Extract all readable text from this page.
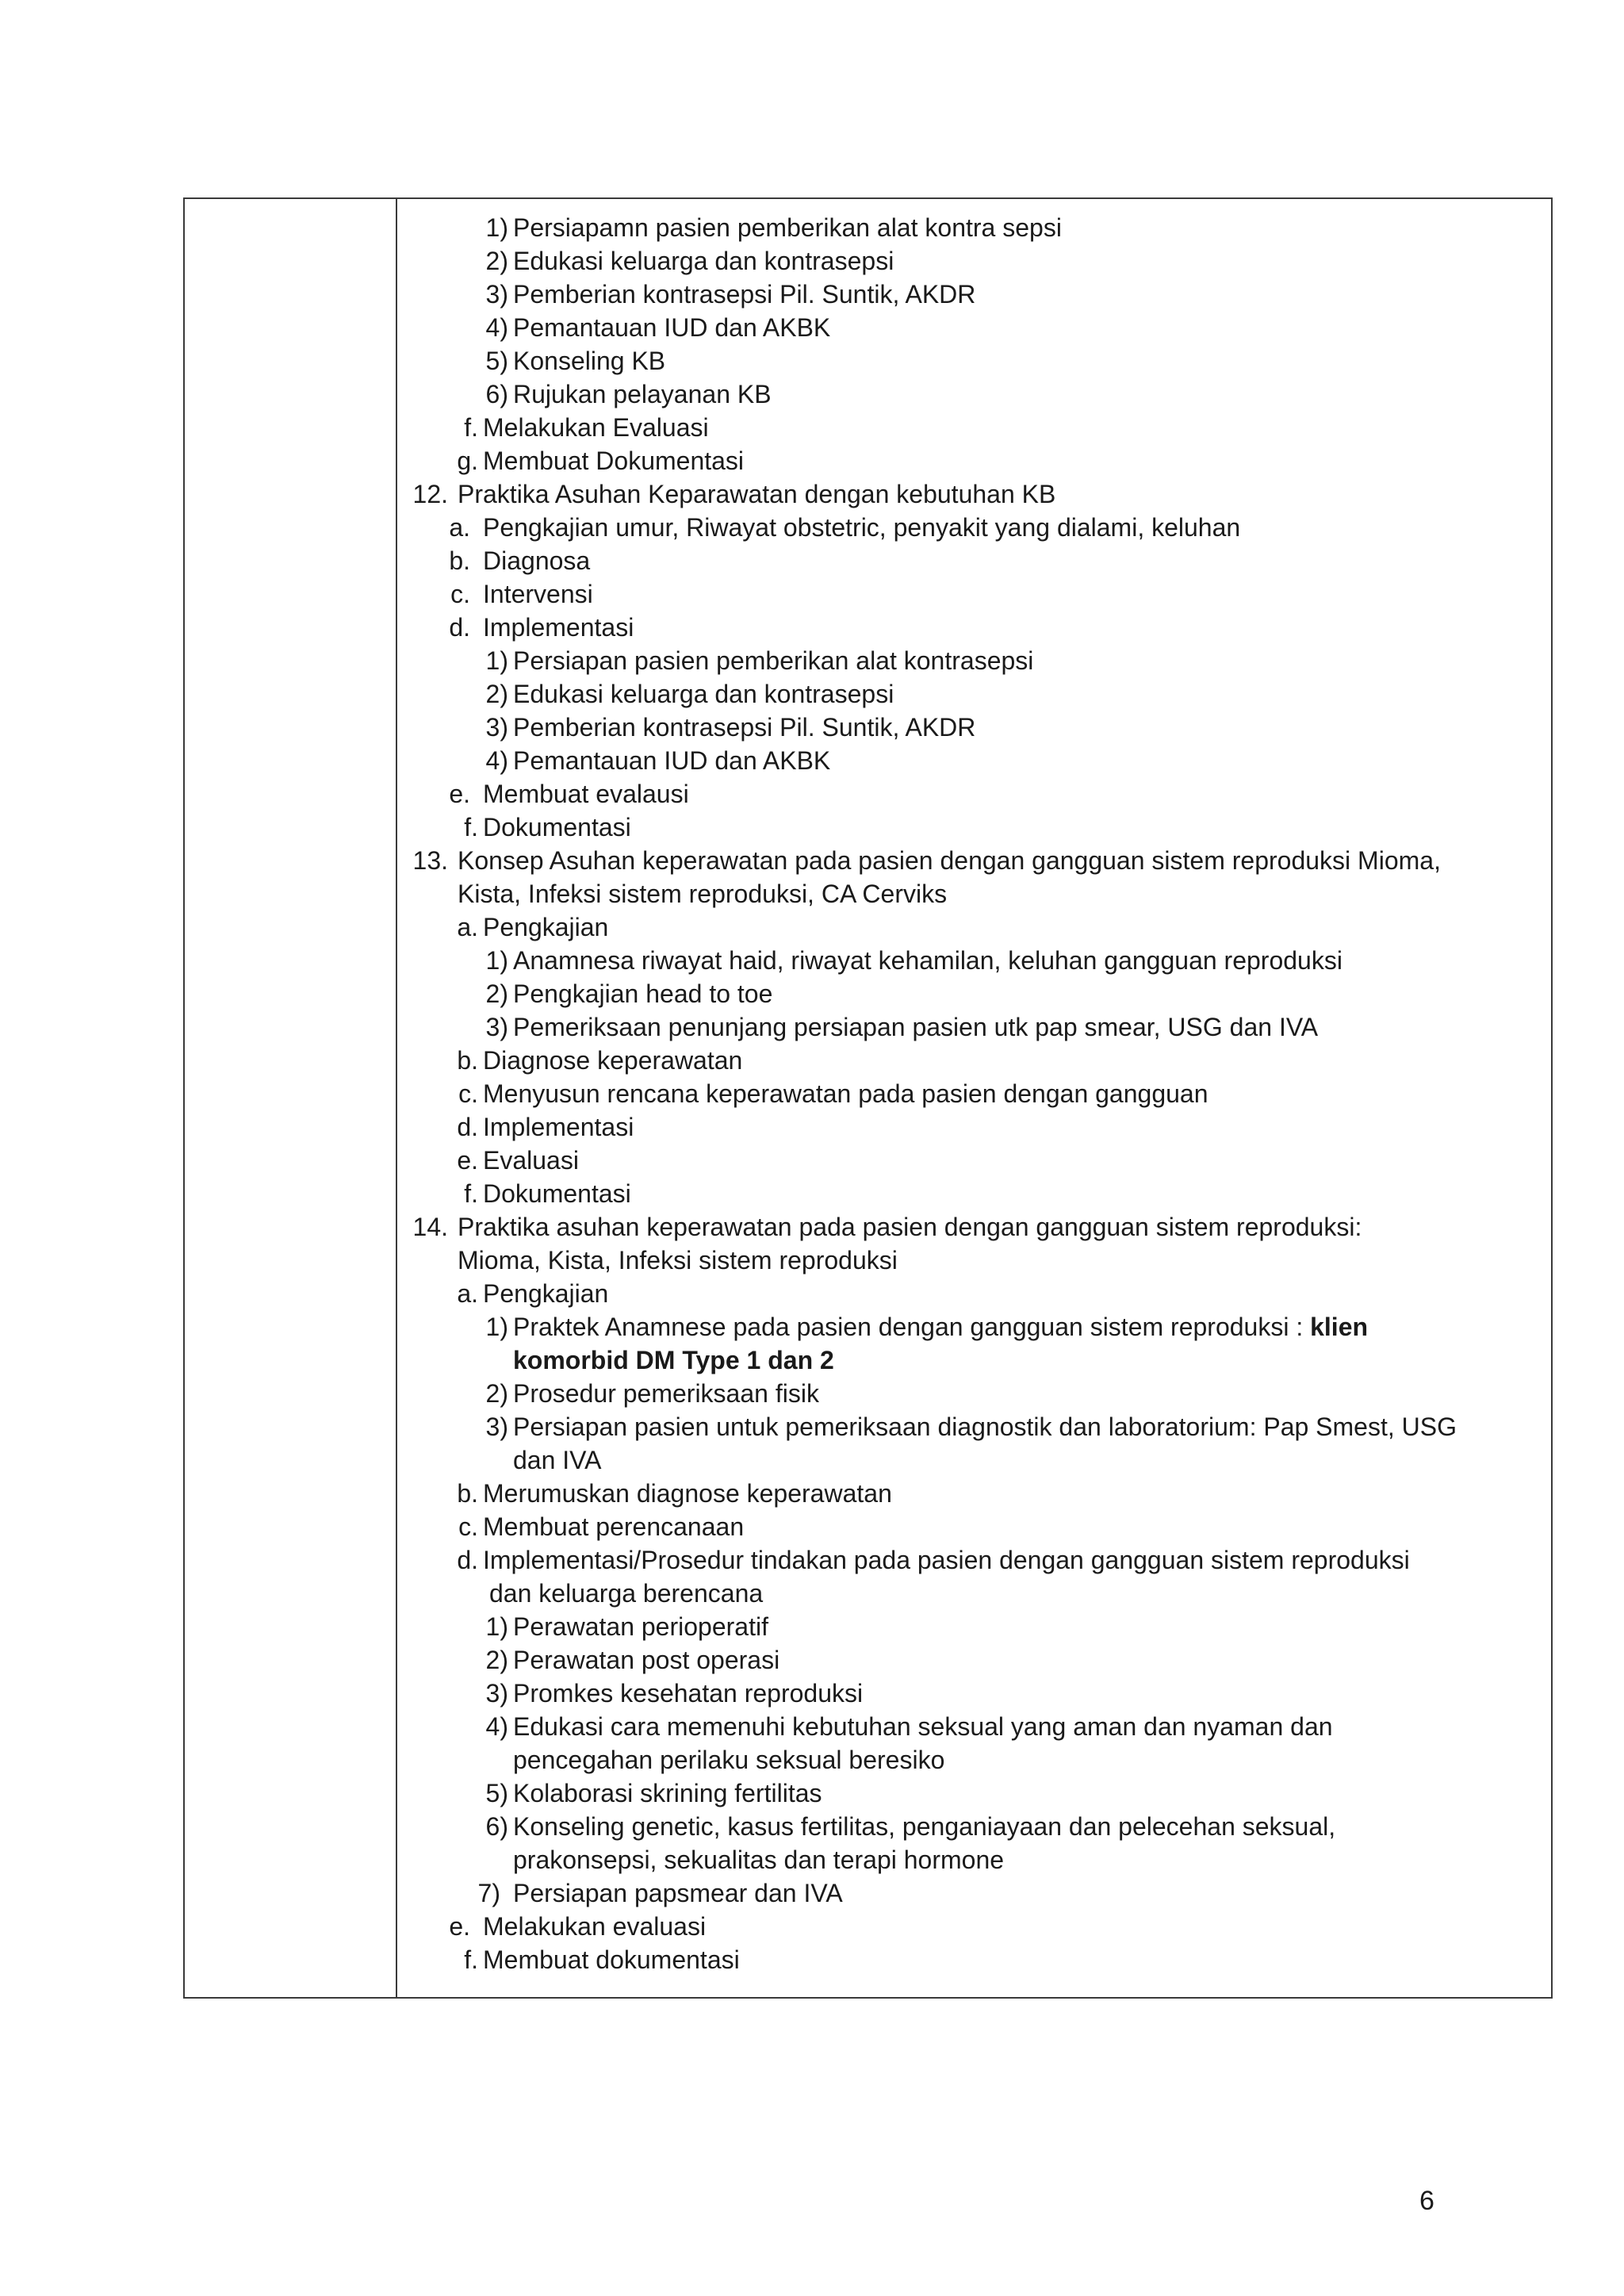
1) Persiapamn pasien pemberikan alat kontra sepsi
2) Edukasi keluarga dan kontrasepsi
3) Pemberian kontrasepsi Pil. Suntik, AKDR
4) Pemantauan IUD dan AKBK
5) Konseling KB
6) Rujukan pelayanan KB
f. Melakukan Evaluasi
g. Membuat Dokumentasi
12. Praktika Asuhan Keparawatan dengan kebutuhan KB
a. Pengkajian umur, Riwayat obstetric, penyakit yang dialami, keluhan
b. Diagnosa
c. Intervensi
d. Implementasi
1) Persiapan pasien pemberikan alat kontrasepsi
2) Edukasi keluarga dan kontrasepsi
3) Pemberian kontrasepsi Pil. Suntik, AKDR
4) Pemantauan IUD dan AKBK
e. Membuat evalausi
f. Dokumentasi
13. Konsep Asuhan keperawatan pada pasien dengan gangguan sistem reproduksi Mioma,
Kista, Infeksi sistem reproduksi, CA Cerviks
a. Pengkajian
1) Anamnesa riwayat haid, riwayat kehamilan, keluhan gangguan reproduksi
2) Pengkajian head to toe
3) Pemeriksaan penunjang persiapan pasien utk pap smear, USG dan IVA
b. Diagnose keperawatan
c. Menyusun rencana keperawatan pada pasien dengan gangguan
d. Implementasi
e. Evaluasi
f. Dokumentasi
14. Praktika asuhan keperawatan pada pasien dengan gangguan sistem reproduksi:
Mioma, Kista, Infeksi sistem reproduksi
a. Pengkajian
1) Praktek Anamnese pada pasien dengan gangguan sistem reproduksi : klien
komorbid DM Type 1 dan 2
2) Prosedur pemeriksaan fisik
3) Persiapan pasien untuk pemeriksaan diagnostik dan laboratorium: Pap Smest, USG
dan IVA
b. Merumuskan diagnose keperawatan
c. Membuat perencanaan
d. Implementasi/Prosedur tindakan pada pasien dengan gangguan sistem reproduksi
dan keluarga berencana
1) Perawatan perioperatif
2) Perawatan post operasi
3) Promkes kesehatan reproduksi
4) Edukasi cara memenuhi kebutuhan seksual yang aman dan nyaman dan
pencegahan perilaku seksual beresiko
5) Kolaborasi skrining fertilitas
6) Konseling genetic, kasus fertilitas, penganiayaan dan pelecehan seksual,
prakonsepsi, sekualitas dan terapi hormone
7) Persiapan papsmear dan IVA
e. Melakukan evaluasi
f. Membuat dokumentasi
6
